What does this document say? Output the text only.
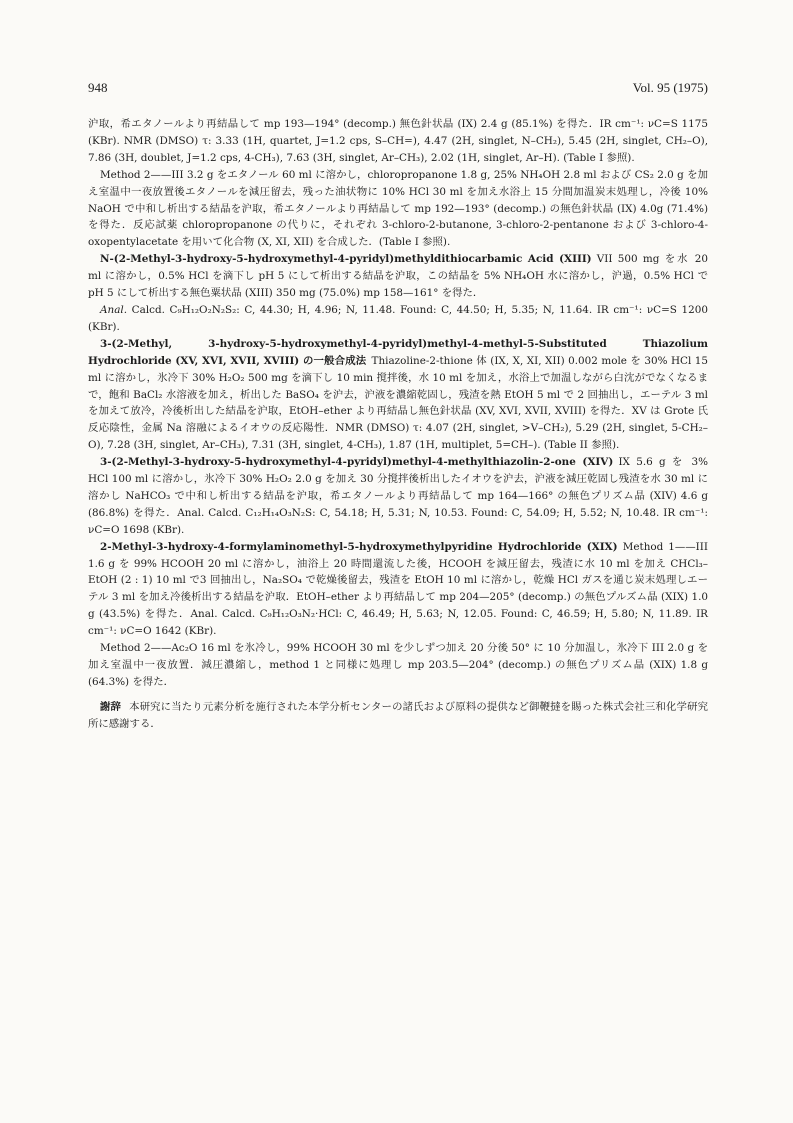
948	Vol. 95 (1975)

沪取，希エタノールより再結晶して mp 193—194° (decomp.) 無色針状晶 (IX) 2.4 g (85.1%) を得た．IR cm⁻¹: νC=S 1175 (KBr). NMR (DMSO) τ: 3.33 (1H, quartet, J=1.2 cps, S–CH=), 4.47 (2H, singlet, N–CH₂), 5.45 (2H, singlet, CH₂–O), 7.86 (3H, doublet, J=1.2 cps, 4-CH₃), 7.63 (3H, singlet, Ar–CH₃), 2.02 (1H, singlet, Ar–H). (Table I 参照).

Method 2——III 3.2 g をエタノール 60 ml に溶かし，chloropropanone 1.8 g, 25% NH₄OH 2.8 ml および CS₂ 2.0 g を加え室温中一夜放置後エタノールを減圧留去，残った油状物に 10% HCl 30 ml を加え水浴上 15 分間加温炭末処理し，冷後 10% NaOH で中和し析出する結晶を沪取，希エタノールより再結晶して mp 192—193° (decomp.) の無色針状晶 (IX) 4.0g (71.4%) を得た．反応試薬 chloropropanone の代りに，それぞれ 3-chloro-2-butanone, 3-chloro-2-pentanone および 3-chloro-4-oxopentylacetate を用いて化合物 (X, XI, XII) を合成した．(Table I 参照).

N-(2-Methyl-3-hydroxy-5-hydroxymethyl-4-pyridyl)methyldithiocarbamic Acid (XIII)  VII 500 mg を水 20 ml に溶かし，0.5% HCl を滴下し pH 5 にして析出する結晶を沪取，この結晶を 5% NH₄OH 水に溶かし，沪過，0.5% HCl で pH 5 にして析出する無色粟状晶 (XIII) 350 mg (75.0%) mp 158—161° を得た．

Anal. Calcd. C₉H₁₂O₂N₂S₂: C, 44.30; H, 4.96; N, 11.48. Found: C, 44.50; H, 5.35; N, 11.64. IR cm⁻¹: νC=S 1200 (KBr).

3-(2-Methyl, 3-hydroxy-5-hydroxymethyl-4-pyridyl)methyl-4-methyl-5-Substituted Thiazolium Hydrochloride (XV, XVI, XVII, XVIII) の一般合成法  Thiazoline-2-thione 体 (IX, X, XI, XII) 0.002 mole を 30% HCl 15 ml に溶かし，氷冷下 30% H₂O₂ 500 mg を滴下し 10 min 撹拌後，水 10 ml を加え，水浴上で加温しながら白沈がでなくなるまで，飽和 BaCl₂ 水溶液を加え，析出した BaSO₄ を沪去，沪液を濃縮乾固し，残渣を熱 EtOH 5 ml で 2 回抽出し，エーテル 3 ml を加えて放冷，冷後析出した結晶を沪取，EtOH–ether より再結晶し無色針状晶 (XV, XVI, XVII, XVIII) を得た．XV は Grote 氏反応陰性，金属 Na 溶融によるイオウの反応陽性．NMR (DMSO) τ: 4.07 (2H, singlet, >V–CH₂), 5.29 (2H, singlet, 5-CH₂–O), 7.28 (3H, singlet, Ar–CH₃), 7.31 (3H, singlet, 4-CH₃), 1.87 (1H, multiplet, 5=CH–). (Table II 参照).

3-(2-Methyl-3-hydroxy-5-hydroxymethyl-4-pyridyl)methyl-4-methylthiazolin-2-one (XIV)  IX 5.6 g を 3% HCl 100 ml に溶かし，氷冷下 30% H₂O₂ 2.0 g を加え 30 分撹拌後析出したイオウを沪去，沪液を減圧乾固し残渣を水 30 ml に溶かし NaHCO₃ で中和し析出する結晶を沪取，希エタノールより再結晶して mp 164—166° の無色プリズム晶 (XIV) 4.6 g (86.8%) を得た．Anal. Calcd. C₁₂H₁₄O₃N₂S: C, 54.18; H, 5.31; N, 10.53. Found: C, 54.09; H, 5.52; N, 10.48. IR cm⁻¹: νC=O 1698 (KBr).

2-Methyl-3-hydroxy-4-formylaminomethyl-5-hydroxymethylpyridine Hydrochloride (XIX)  Method 1——III 1.6 g を 99% HCOOH 20 ml に溶かし，油浴上 20 時間還流した後，HCOOH を減圧留去，残渣に水 10 ml を加え CHCl₃–EtOH (2 : 1) 10 ml で3 回抽出し，Na₂SO₄ で乾燥後留去，残渣を EtOH 10 ml に溶かし，乾燥 HCl ガスを通じ炭末処理しエーテル 3 ml を加え冷後析出する結晶を沪取．EtOH–ether より再結晶して mp 204—205° (decomp.) の無色プルズム晶 (XIX) 1.0 g (43.5%) を得た．Anal. Calcd. C₉H₁₂O₃N₂·HCl: C, 46.49; H, 5.63; N, 12.05. Found: C, 46.59; H, 5.80; N, 11.89. IR cm⁻¹: νC=O 1642 (KBr).

Method 2——Ac₂O 16 ml を氷冷し，99% HCOOH 30 ml を少しずつ加え 20 分後 50° に 10 分加温し，氷冷下 III 2.0 g を加え室温中一夜放置．減圧濃縮し，method 1 と同様に処理し mp 203.5—204° (decomp.) の無色プリズム晶 (XIX) 1.8 g (64.3%) を得た．

謝辞 本研究に当たり元素分析を施行された本学分析センターの諸氏および原料の提供など御鞭撻を賜った株式会社三和化学研究所に感謝する．
